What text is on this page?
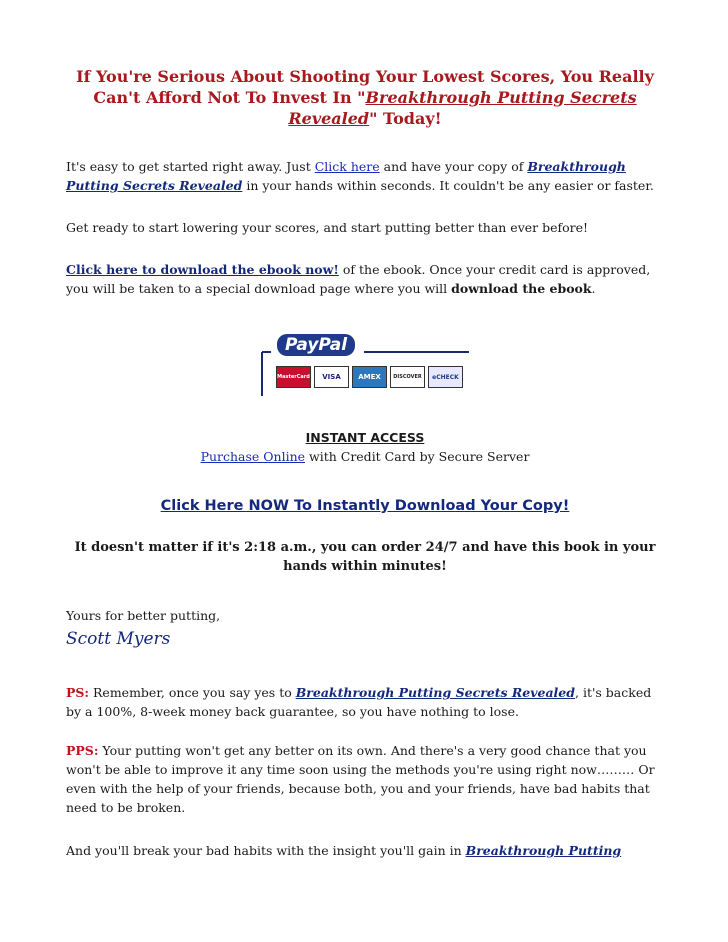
If You're Serious About Shooting Your Lowest Scores, You Really Can't Afford Not To Invest In "Breakthrough Putting Secrets Revealed" Today!

It's easy to get started right away. Just Click here and have your copy of Breakthrough Putting Secrets Revealed in your hands within seconds. It couldn't be any easier or faster.

Get ready to start lowering your scores, and start putting better than ever before!

Click here to download the ebook now! of the ebook. Once your credit card is approved, you will be taken to a special download page where you will download the ebook.

PayPal
MasterCard	VISA	AMEX	DISCOVER	eCHECK

INSTANT ACCESS

Purchase Online with Credit Card by Secure Server

Click Here NOW To Instantly Download Your Copy!

It doesn't matter if it's 2:18 a.m., you can order 24/7 and have this book in your hands within minutes!

Yours for better putting,

Scott Myers

PS: Remember, once you say yes to Breakthrough Putting Secrets Revealed, it's backed by a 100%, 8-week money back guarantee, so you have nothing to lose.

PPS: Your putting won't get any better on its own. And there's a very good chance that you won't be able to improve it any time soon using the methods you're using right now……… Or even with the help of your friends, because both, you and your friends, have bad habits that need to be broken.

And you'll break your bad habits with the insight you'll gain in Breakthrough Putting
